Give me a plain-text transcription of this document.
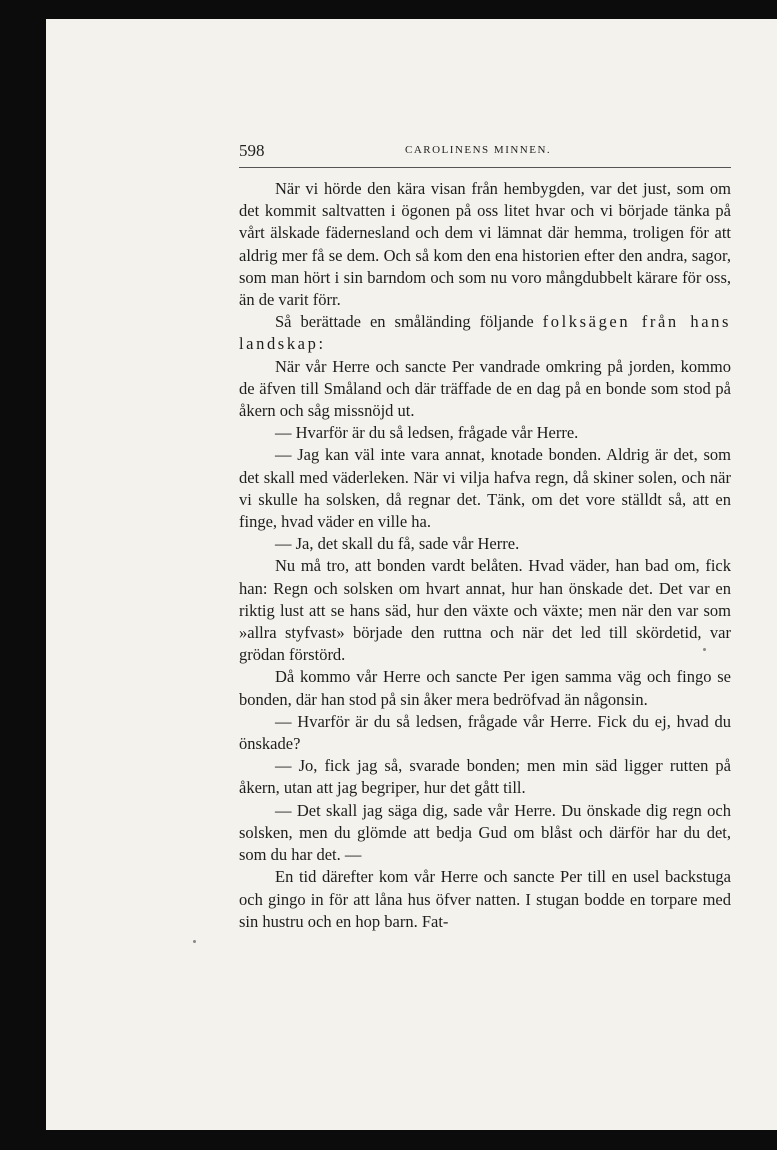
598	CAROLINENS MINNEN.

När vi hörde den kära visan från hembygden, var det just, som om det kommit saltvatten i ögonen på oss litet hvar och vi började tänka på vårt älskade fädernesland och dem vi lämnat där hemma, troligen för att aldrig mer få se dem. Och så kom den ena historien efter den andra, sagor, som man hört i sin barndom och som nu voro mångdubbelt kärare för oss, än de varit förr.

Så berättade en småländing följande folksägen från hans landskap:

När vår Herre och sancte Per vandrade omkring på jorden, kommo de äfven till Småland och där träffade de en dag på en bonde som stod på åkern och såg missnöjd ut.

— Hvarför är du så ledsen, frågade vår Herre.

— Jag kan väl inte vara annat, knotade bonden. Aldrig är det, som det skall med väderleken. När vi vilja hafva regn, då skiner solen, och när vi skulle ha solsken, då regnar det. Tänk, om det vore ställdt så, att en finge, hvad väder en ville ha.

— Ja, det skall du få, sade vår Herre.

Nu må tro, att bonden vardt belåten. Hvad väder, han bad om, fick han: Regn och solsken om hvart annat, hur han önskade det. Det var en riktig lust att se hans säd, hur den växte och växte; men när den var som »allra styfvast» började den ruttna och när det led till skördetid, var grödan förstörd.

Då kommo vår Herre och sancte Per igen samma väg och fingo se bonden, där han stod på sin åker mera bedröfvad än någonsin.

— Hvarför är du så ledsen, frågade vår Herre. Fick du ej, hvad du önskade?

— Jo, fick jag så, svarade bonden; men min säd ligger rutten på åkern, utan att jag begriper, hur det gått till.

— Det skall jag säga dig, sade vår Herre. Du önskade dig regn och solsken, men du glömde att bedja Gud om blåst och därför har du det, som du har det. —

En tid därefter kom vår Herre och sancte Per till en usel backstuga och gingo in för att låna hus öfver natten. I stugan bodde en torpare med sin hustru och en hop barn. Fat-
